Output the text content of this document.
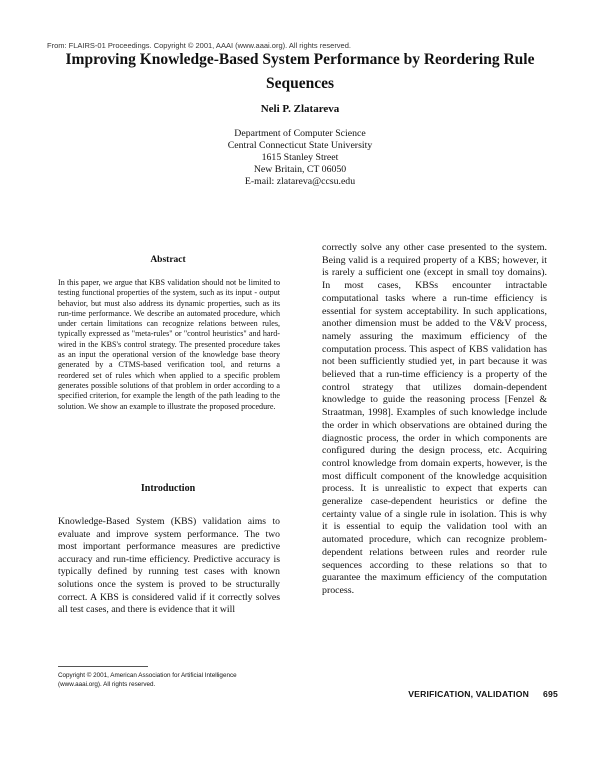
From: FLAIRS-01 Proceedings. Copyright © 2001, AAAI (www.aaai.org). All rights reserved.
Improving Knowledge-Based System Performance by Reordering Rule Sequences
Neli P. Zlatareva
Department of Computer Science
Central Connecticut State University
1615 Stanley Street
New Britain, CT 06050
E-mail: zlatareva@ccsu.edu
Abstract

In this paper, we argue that KBS validation should not be limited to testing functional properties of the system, such as its input - output behavior, but must also address its dynamic properties, such as its run-time performance. We describe an automated procedure, which under certain limitations can recognize relations between rules, typically expressed as "meta-rules" or "control heuristics" and hard-wired in the KBS's control strategy. The presented procedure takes as an input the operational version of the knowledge base theory generated by a CTMS-based verification tool, and returns a reordered set of rules which when applied to a specific problem generates possible solutions of that problem in order according to a specified criterion, for example the length of the path leading to the solution. We show an example to illustrate the proposed procedure.

Introduction

Knowledge-Based System (KBS) validation aims to evaluate and improve system performance. The two most important performance measures are predictive accuracy and run-time efficiency. Predictive accuracy is typically defined by running test cases with known solutions once the system is proved to be structurally correct. A KBS is considered valid if it correctly solves all test cases, and there is evidence that it will

Copyright © 2001, American Association for Artificial Intelligence
(www.aaai.org). All rights reserved.

correctly solve any other case presented to the system. Being valid is a required property of a KBS; however, it is rarely a sufficient one (except in small toy domains). In most cases, KBSs encounter intractable computational tasks where a run-time efficiency is essential for system acceptability. In such applications, another dimension must be added to the V&V process, namely assuring the maximum efficiency of the computation process. This aspect of KBS validation has not been sufficiently studied yet, in part because it was believed that a run-time efficiency is a property of the control strategy that utilizes domain-dependent knowledge to guide the reasoning process [Fenzel & Straatman, 1998]. Examples of such knowledge include the order in which observations are obtained during the diagnostic process, the order in which components are configured during the design process, etc. Acquiring control knowledge from domain experts, however, is the most difficult component of the knowledge acquisition process. It is unrealistic to expect that experts can generalize case-dependent heuristics or define the certainty value of a single rule in isolation. This is why it is essential to equip the validation tool with an automated procedure, which can recognize problem-dependent relations between rules and reorder rule sequences according to these relations so that to guarantee the maximum efficiency of the computation process.

VERIFICATION, VALIDATION 695
